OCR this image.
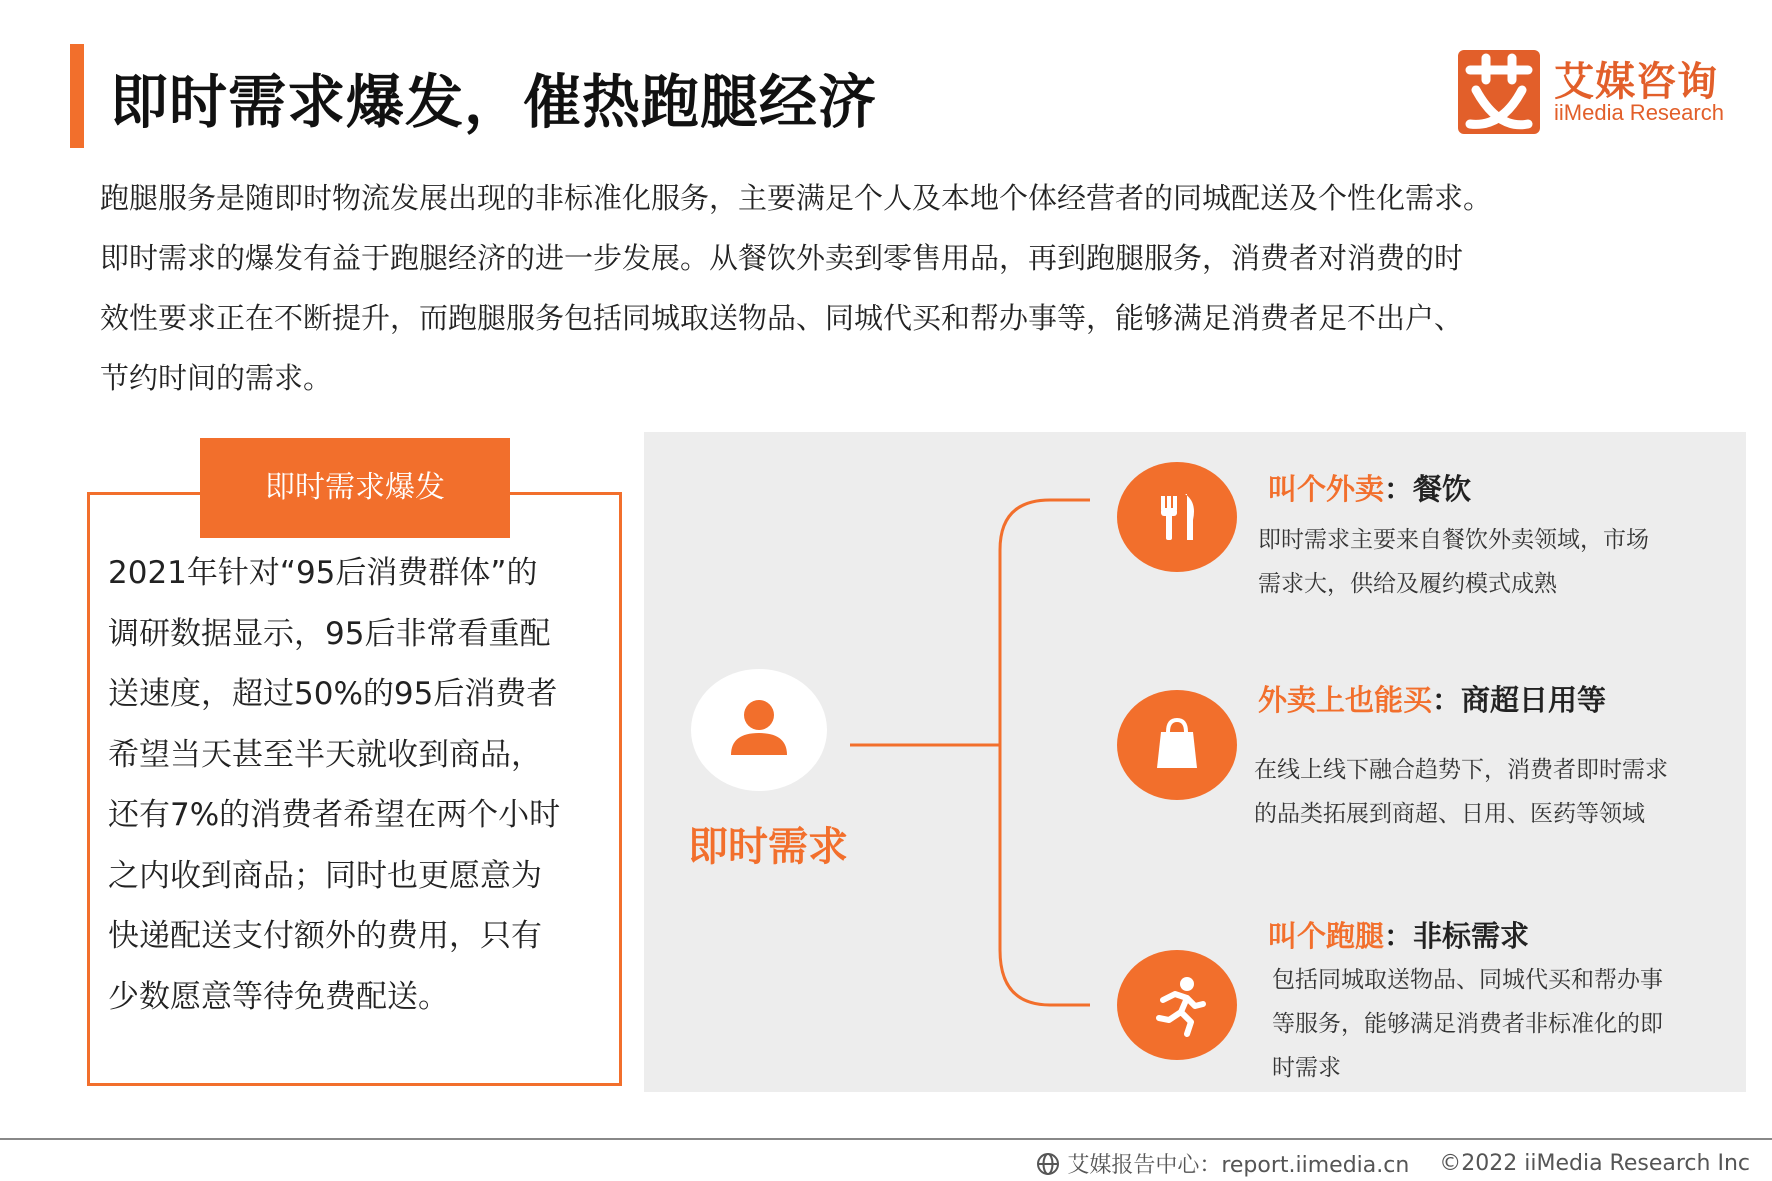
即时需求爆发，催热跑腿经济	艾媒咨询
iiMedia Research

跑腿服务是随即时物流发展出现的非标准化服务，主要满足个人及本地个体经营者的同城配送及个性化需求。

即时需求的爆发有益于跑腿经济的进一步发展。从餐饮外卖到零售用品，再到跑腿服务，消费者对消费的时

效性要求正在不断提升，而跑腿服务包括同城取送物品、同城代买和帮办事等，能够满足消费者足不出户、

节约时间的需求。

即时需求爆发
2021年针对“95后消费群体”的
调研数据显示，95后非常看重配
送速度，超过50%的95后消费者
希望当天甚至半天就收到商品，
还有7%的消费者希望在两个小时
之内收到商品；同时也更愿意为
快递配送支付额外的费用，只有
少数愿意等待免费配送。
即时需求
叫个外卖：餐饮
即时需求主要来自餐饮外卖领域，市场
需求大，供给及履约模式成熟
外卖上也能买：商超日用等
在线上线下融合趋势下，消费者即时需求
的品类拓展到商超、日用、医药等领域
叫个跑腿：非标需求
包括同城取送物品、同城代买和帮办事
等服务，能够满足消费者非标准化的即
时需求
艾媒报告中心：report.iimedia.cn ©2022 iiMedia Research Inc
